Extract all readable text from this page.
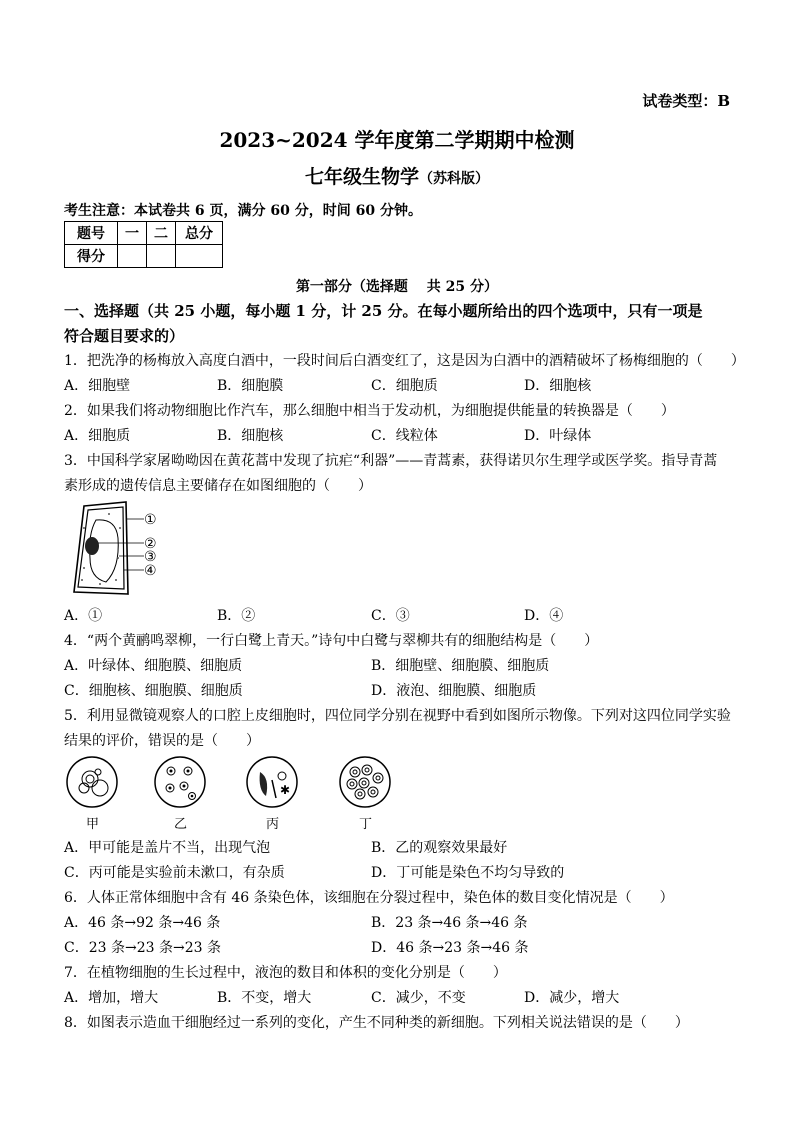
试卷类型：B
2023~2024 学年度第二学期期中检测
七年级生物学（苏科版）
考生注意：本试卷共 6 页，满分 60 分，时间 60 分钟。
题号	一	二	总分
得分			
第一部分（选择题　 共 25 分）
一、选择题（共 25 小题，每小题 1 分，计 25 分。在每小题所给出的四个选项中，只有一项是
符合题目要求的）
1．把洗净的杨梅放入高度白酒中，一段时间后白酒变红了，这是因为白酒中的酒精破坏了杨梅细胞的（　　）
A．细胞壁	B．细胞膜	C．细胞质	D．细胞核
2．如果我们将动物细胞比作汽车，那么细胞中相当于发动机，为细胞提供能量的转换器是（　　）
A．细胞质	B．细胞核	C．线粒体	D．叶绿体
3．中国科学家屠呦呦因在黄花蒿中发现了抗疟“利器”——青蒿素，获得诺贝尔生理学或医学奖。指导青蒿
素形成的遗传信息主要储存在如图细胞的（　　）
①
②
③
④
A．①	B．②	C．③	D．④
4．“两个黄鹂鸣翠柳，一行白鹭上青天。”诗句中白鹭与翠柳共有的细胞结构是（　　）
A．叶绿体、细胞膜、细胞质	B．细胞壁、细胞膜、细胞质
C．细胞核、细胞膜、细胞质	D．液泡、细胞膜、细胞质
5．利用显微镜观察人的口腔上皮细胞时，四位同学分别在视野中看到如图所示物像。下列对这四位同学实验
结果的评价，错误的是（　　）
✱
甲	乙	丙	丁
A．甲可能是盖片不当，出现气泡	B．乙的观察效果最好
C．丙可能是实验前未漱口，有杂质	D．丁可能是染色不均匀导致的
6．人体正常体细胞中含有 46 条染色体，该细胞在分裂过程中，染色体的数目变化情况是（　　）
A．46 条→92 条→46 条	B．23 条→46 条→46 条
C．23 条→23 条→23 条	D．46 条→23 条→46 条
7．在植物细胞的生长过程中，液泡的数目和体积的变化分别是（　　）
A．增加，增大	B．不变，增大	C．减少，不变	D．减少，增大
8．如图表示造血干细胞经过一系列的变化，产生不同种类的新细胞。下列相关说法错误的是（　　）
